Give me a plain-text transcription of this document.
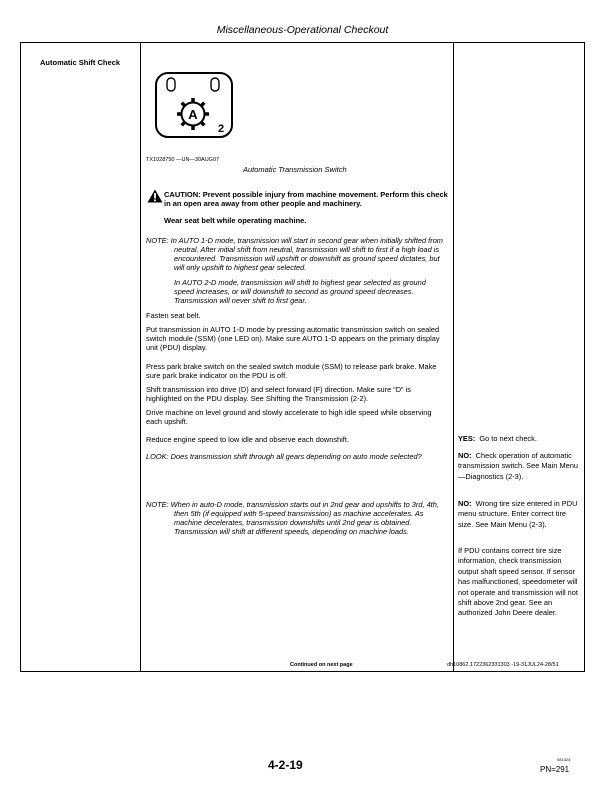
Miscellaneous-Operational Checkout
Automatic Shift Check
A
2
TX1028750 —UN—30AUG07
Automatic Transmission Switch
CAUTION: Prevent possible injury from machine movement. Perform this check in an open area away from other people and machinery.
Wear seat belt while operating machine.
NOTE: In AUTO 1-D mode, transmission will start in second gear when initially shifted from neutral. After initial shift from neutral, transmission will shift to first if a high load is encountered. Transmission will upshift or downshift as ground speed dictates, but will only upshift to highest gear selected.
In AUTO 2-D mode, transmission will shift to highest gear selected as ground speed increases, or will downshift to second as ground speed decreases. Transmission will never shift to first gear.
Fasten seat belt.
Put transmission in AUTO 1-D mode by pressing automatic transmission switch on sealed switch module (SSM) (one LED on). Make sure AUTO 1-D appears on the primary display unit (PDU) display.
Press park brake switch on the sealed switch module (SSM) to release park brake. Make sure park brake indicator on the PDU is off.
Shift transmission into drive (D) and select forward (F) direction. Make sure “D” is highlighted on the PDU display. See Shifting the Transmission (2-2).
Drive machine on level ground and slowly accelerate to high idle speed while observing each upshift.
Reduce engine speed to low idle and observe each downshift.
LOOK: Does transmission shift through all gears depending on auto mode selected?
NOTE: When in auto-D mode, transmission starts out in 2nd gear and upshifts to 3rd, 4th, then 5th (if equipped with 5-speed transmission) as machine accelerates. As machine decelerates, transmission downshifts until 2nd gear is obtained. Transmission will shift at different speeds, depending on machine loads.
YES: Go to next check.
NO: Check operation of automatic transmission switch. See Main Menu—Diagnostics (2-3).
NO: Wrong tire size entered in PDU menu structure. Enter correct tire size. See Main Menu (2-3).
If PDU contains correct tire size information, check transmission output shaft speed sensor. If sensor has malfunctioned, speedometer will not operate and transmission will not shift above 2nd gear. See an authorized John Deere dealer.
Continued on next page	dh10862,1722362331303 -19-31JUL24-28/51
4-2-19	081424
PN=291
